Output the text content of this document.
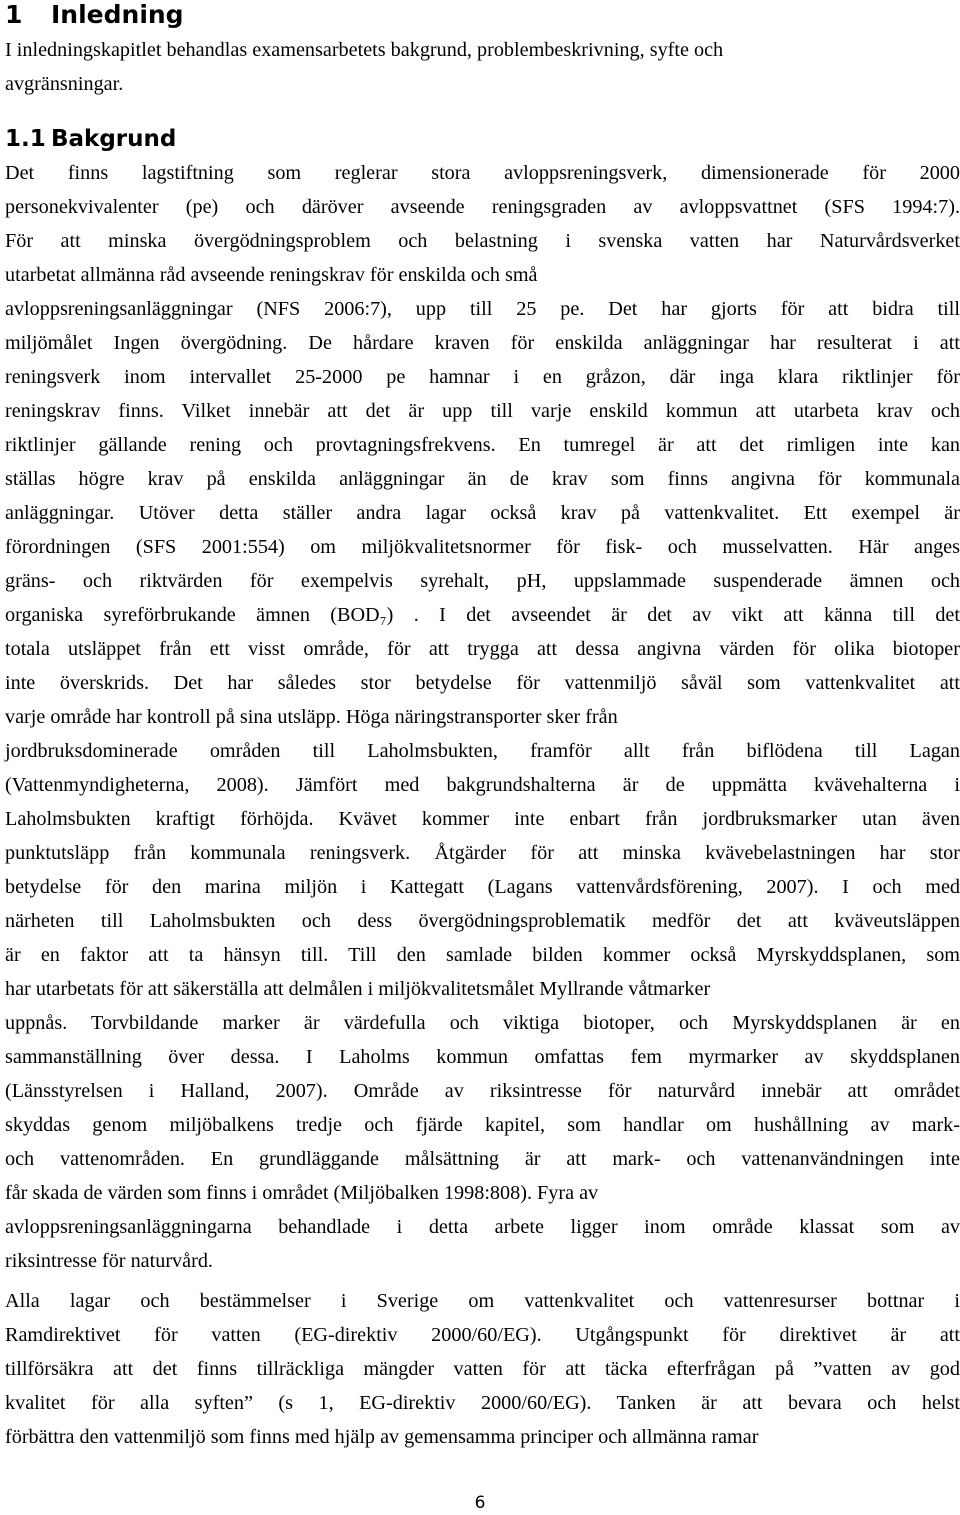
1 Inledning
I inledningskapitlet behandlas examensarbetets bakgrund, problembeskrivning, syfte och
avgränsningar.
1.1 Bakgrund
Det finns lagstiftning som reglerar stora avloppsreningsverk, dimensionerade för 2000
personekvivalenter (pe) och däröver avseende reningsgraden av avloppsvattnet (SFS 1994:7).
För att minska övergödningsproblem och belastning i svenska vatten har Naturvårdsverket
utarbetat allmänna råd avseende reningskrav för enskilda och små
avloppsreningsanläggningar (NFS 2006:7), upp till 25 pe. Det har gjorts för att bidra till
miljömålet Ingen övergödning. De hårdare kraven för enskilda anläggningar har resulterat i att
reningsverk inom intervallet 25-2000 pe hamnar i en gråzon, där inga klara riktlinjer för
reningskrav finns. Vilket innebär att det är upp till varje enskild kommun att utarbeta krav och
riktlinjer gällande rening och provtagningsfrekvens. En tumregel är att det rimligen inte kan
ställas högre krav på enskilda anläggningar än de krav som finns angivna för kommunala
anläggningar. Utöver detta ställer andra lagar också krav på vattenkvalitet. Ett exempel är
förordningen (SFS 2001:554) om miljökvalitetsnormer för fisk- och musselvatten. Här anges
gräns- och riktvärden för exempelvis syrehalt, pH, uppslammade suspenderade ämnen och
organiska syreförbrukande ämnen (BOD₇) . I det avseendet är det av vikt att känna till det
totala utsläppet från ett visst område, för att trygga att dessa angivna värden för olika biotoper
inte överskrids. Det har således stor betydelse för vattenmiljö såväl som vattenkvalitet att
varje område har kontroll på sina utsläpp. Höga näringstransporter sker från
jordbruksdominerade områden till Laholmsbukten, framför allt från biflödena till Lagan
(Vattenmyndigheterna, 2008). Jämfört med bakgrundshalterna är de uppmätta kvävehalterna i
Laholmsbukten kraftigt förhöjda. Kvävet kommer inte enbart från jordbruksmarker utan även
punktutsläpp från kommunala reningsverk. Åtgärder för att minska kvävebelastningen har stor
betydelse för den marina miljön i Kattegatt (Lagans vattenvårdsförening, 2007). I och med
närheten till Laholmsbukten och dess övergödningsproblematik medför det att kväveutsläppen
är en faktor att ta hänsyn till. Till den samlade bilden kommer också Myrskyddsplanen, som
har utarbetats för att säkerställa att delmålen i miljökvalitetsmålet Myllrande våtmarker
uppnås. Torvbildande marker är värdefulla och viktiga biotoper, och Myrskyddsplanen är en
sammanställning över dessa. I Laholms kommun omfattas fem myrmarker av skyddsplanen
(Länsstyrelsen i Halland, 2007). Område av riksintresse för naturvård innebär att området
skyddas genom miljöbalkens tredje och fjärde kapitel, som handlar om hushållning av mark-
och vattenområden. En grundläggande målsättning är att mark- och vattenanvändningen inte
får skada de värden som finns i området (Miljöbalken 1998:808). Fyra av
avloppsreningsanläggningarna behandlade i detta arbete ligger inom område klassat som av
riksintresse för naturvård.
Alla lagar och bestämmelser i Sverige om vattenkvalitet och vattenresurser bottnar i
Ramdirektivet för vatten (EG-direktiv 2000/60/EG). Utgångspunkt för direktivet är att
tillförsäkra att det finns tillräckliga mängder vatten för att täcka efterfrågan på ”vatten av god
kvalitet för alla syften” (s 1, EG-direktiv 2000/60/EG). Tanken är att bevara och helst
förbättra den vattenmiljö som finns med hjälp av gemensamma principer och allmänna ramar
6
